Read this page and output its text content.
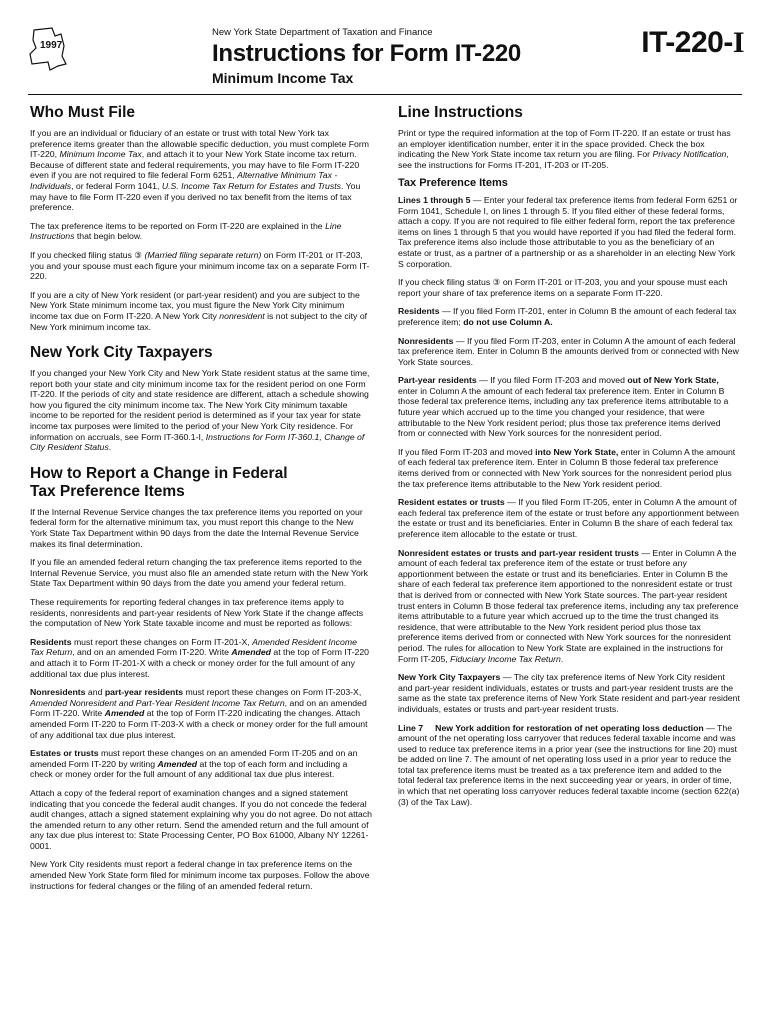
1997
New York State Department of Taxation and Finance
Instructions for Form IT-220
Minimum Income Tax
IT-220-I
Who Must File

If you are an individual or fiduciary of an estate or trust with total New York tax preference items greater than the allowable specific deduction, you must complete Form IT-220, Minimum Income Tax, and attach it to your New York State income tax return. Because of different state and federal requirements, you may have to file Form IT-220 even if you are not required to file federal Form 6251, Alternative Minimum Tax - Individuals, or federal Form 1041, U.S. Income Tax Return for Estates and Trusts. You may have to file Form IT-220 even if you derived no tax benefit from the items of tax preference.

The tax preference items to be reported on Form IT-220 are explained in the Line Instructions that begin below.

If you checked filing status ③ (Married filing separate return) on Form IT-201 or IT-203, you and your spouse must each figure your minimum income tax on a separate Form IT-220.

If you are a city of New York resident (or part-year resident) and you are subject to the New York State minimum income tax, you must figure the New York City minimum income tax due on Form IT-220. A New York City nonresident is not subject to the city of New York minimum income tax.

New York City Taxpayers

If you changed your New York City and New York State resident status at the same time, report both your state and city minimum income tax for the resident period on one Form IT-220. If the periods of city and state residence are different, attach a schedule showing how you figured the city minimum income tax. The New York City minimum taxable income to be reported for the resident period is determined as if your tax year for state income tax purposes were limited to the period of your New York City residence. For information on accruals, see Form IT-360.1-I, Instructions for Form IT-360.1, Change of City Resident Status.

How to Report a Change in Federal
Tax Preference Items

If the Internal Revenue Service changes the tax preference items you reported on your federal form for the alternative minimum tax, you must report this change to the New York State Tax Department within 90 days from the date the Internal Revenue Service makes its final determination.

If you file an amended federal return changing the tax preference items reported to the Internal Revenue Service, you must also file an amended state return with the New York State Tax Department within 90 days from the date you amend your federal return.

These requirements for reporting federal changes in tax preference items apply to residents, nonresidents and part-year residents of New York State if the change affects the computation of New York State taxable income and must be reported as follows:

Residents must report these changes on Form IT-201-X, Amended Resident Income Tax Return, and on an amended Form IT-220. Write Amended at the top of Form IT-220 and attach it to Form IT-201-X with a check or money order for the full amount of any additional tax due plus interest.

Nonresidents and part-year residents must report these changes on Form IT-203-X, Amended Nonresident and Part-Year Resident Income Tax Return, and on an amended Form IT-220. Write Amended at the top of Form IT-220 indicating the changes. Attach amended Form IT-220 to Form IT-203-X with a check or money order for the full amount of any additional tax due plus interest.

Estates or trusts must report these changes on an amended Form IT-205 and on an amended Form IT-220 by writing Amended at the top of each form and including a check or money order for the full amount of any additional tax due plus interest.

Attach a copy of the federal report of examination changes and a signed statement indicating that you concede the federal audit changes. If you do not concede the federal audit changes, attach a signed statement explaining why you do not agree. Do not attach the amended return to any other return. Send the amended return and the full amount of any tax due plus interest to: State Processing Center, PO Box 61000, Albany NY 12261-0001.

New York City residents must report a federal change in tax preference items on the amended New York State form filed for minimum income tax purposes. Follow the above instructions for federal changes or the filing of an amended federal return.

Line Instructions

Print or type the required information at the top of Form IT-220. If an estate or trust has an employer identification number, enter it in the space provided. Check the box indicating the New York State income tax return you are filing. For Privacy Notification, see the instructions for Forms IT-201, IT-203 or IT-205.

Tax Preference Items

Lines 1 through 5 — Enter your federal tax preference items from federal Form 6251 or Form 1041, Schedule I, on lines 1 through 5. If you filed either of these federal forms, attach a copy. If you are not required to file either federal form, report the tax preference items on lines 1 through 5 that you would have reported if you had filed the federal form. Tax preference items also include those attributable to you as the beneficiary of an estate or trust, as a partner of a partnership or as a shareholder in an electing New York S corporation.

If you check filing status ③ on Form IT-201 or IT-203, you and your spouse must each report your share of tax preference items on a separate Form IT-220.

Residents — If you filed Form IT-201, enter in Column B the amount of each federal tax preference item; do not use Column A.

Nonresidents — If you filed Form IT-203, enter in Column A the amount of each federal tax preference item. Enter in Column B the amounts derived from or connected with New York State sources.

Part-year residents — If you filed Form IT-203 and moved out of New York State, enter in Column A the amount of each federal tax preference item. Enter in Column B those federal tax preference items, including any tax preference items attributable to a future year which accrued up to the time you changed your residence, that were attributable to the New York resident period; plus those tax preference items derived from or connected with New York sources for the nonresident period.

If you filed Form IT-203 and moved into New York State, enter in Column A the amount of each federal tax preference item. Enter in Column B those federal tax preference items derived from or connected with New York sources for the nonresident period plus the tax preference items attributable to the New York resident period.

Resident estates or trusts — If you filed Form IT-205, enter in Column A the amount of each federal tax preference item of the estate or trust before any apportionment between the estate or trust and its beneficiaries. Enter in Column B the share of each federal tax preference item allocable to the estate or trust.

Nonresident estates or trusts and part-year resident trusts — Enter in Column A the amount of each federal tax preference item of the estate or trust before any apportionment between the estate or trust and its beneficiaries. Enter in Column B the share of each federal tax preference item apportioned to the nonresident estate or trust that is derived from or connected with New York State sources. The part-year resident trust enters in Column B those federal tax preference items, including any tax preference items attributable to a future year which accrued up to the time the trust changed its residence, that were attributable to the New York resident period plus those tax preference items derived from or connected with New York sources for the nonresident period. The rules for allocation to New York State are explained in the instructions for Form IT-205, Fiduciary Income Tax Return.

New York City Taxpayers — The city tax preference items of New York City resident and part-year resident individuals, estates or trusts and part-year resident trusts are the same as the state tax preference items of New York State resident and part-year resident individuals, estates or trusts and part-year resident trusts.

Line 7     New York addition for restoration of net operating loss deduction — The amount of the net operating loss carryover that reduces federal taxable income and was used to reduce tax preference items in a prior year (see the instructions for line 20) must be added on line 7. The amount of net operating loss used in a prior year to reduce the total tax preference items must be treated as a tax preference item and added to the total federal tax preference items in the next succeeding year or years, in order of time, in which that net operating loss carryover reduces federal taxable income (section 622(a)(3) of the Tax Law).
